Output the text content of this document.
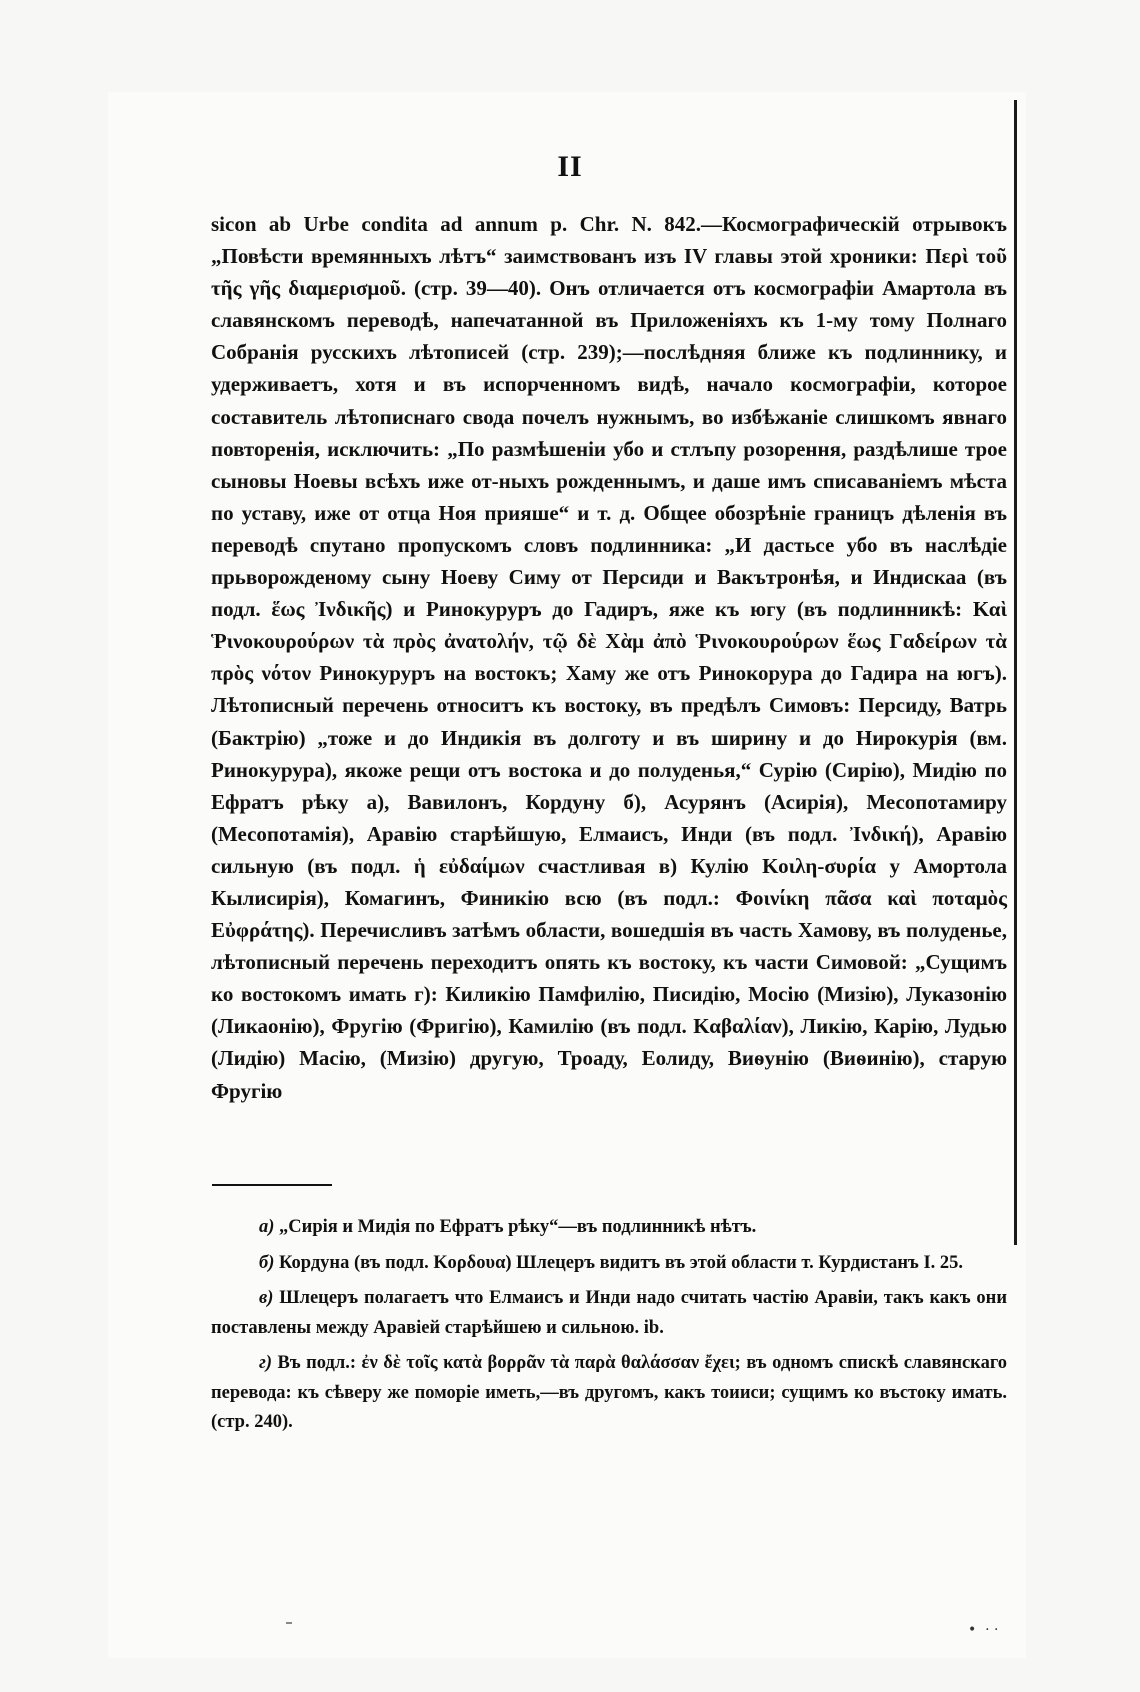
II
sicon ab Urbe condita ad annum p. Chr. N. 842.—Космографическій отрывокъ „Повѣсти времянныхъ лѣтъ“ заимствованъ изъ IV главы этой хроники: Περὶ τοῦ τῆς γῆς διαμερισμοῦ. (стр. 39—40). Онъ отличается отъ космографіи Амартола въ славянскомъ переводѣ, напечатанной въ Приложеніяхъ къ 1-му тому Полнаго Собранія русскихъ лѣтописей (стр. 239);—послѣдняя ближе къ подлиннику, и удерживаетъ, хотя и въ испорченномъ видѣ, начало космографіи, которое составитель лѣтописнаго свода почелъ нужнымъ, во избѣжаніе слишкомъ явнаго повторенія, исключить: „По размѣшеніи убо и стлъпу розорення, раздѣлише трое сыновы Ноевы всѣхъ иже от-ныхъ рожденнымъ, и даше имъ списаваніемъ мѣста по уставу, иже от отца Ноя прияше“ и т. д. Общее обозрѣніе границъ дѣленія въ переводѣ спутано пропускомъ словъ подлинника: „И дастьсе убо въ наслѣдіе прьворожденому сыну Ноеву Симу от Персиди и Вакътронѣя, и Индискаа (въ подл. ἕως Ἰνδικῆς) и Ринокуруръ до Гадиръ, яже къ югу (въ подлинникѣ: Καὶ Ῥινοκουρούρων τὰ πρὸς ἀνατολήν, τῷ δὲ Χὰμ ἀπὸ Ῥινοκουρούρων ἕως Γαδείρων τὰ πρὸς νότον Ринокуруръ на востокъ; Хаму же отъ Ринокорура до Гадира на югъ). Лѣтописный перечень относитъ къ востоку, въ предѣлъ Симовъ: Персиду, Ватрь (Бактрію) „тоже и до Индикія въ долготу и въ ширину и до Нирокурія (вм. Ринокурура), якоже рещи отъ востока и до полуденья,“ Сурію (Сирію), Мидію по Ефратъ рѣку а), Вавилонъ, Кордуну б), Асурянъ (Асирія), Месопотамиру (Месопотамія), Аравію старѣйшую, Елмаисъ, Инди (въ подл. Ἰνδική), Аравію сильную (въ подл. ἡ εὐδαίμων счастливая в) Кулію Κοιλη-συρία у Амортола Кылисирія), Комагинъ, Финикію всю (въ подл.: Φοινίκη πᾶσα καὶ ποταμὸς Εὐφράτης). Перечисливъ затѣмъ области, вошедшія въ часть Хамову, въ полуденье, лѣтописный перечень переходитъ опять къ востоку, къ части Симовой: „Сущимъ ко востокомъ имать г): Киликію Памфилію, Писидію, Мосію (Мизію), Луказонію (Ликаонію), Фругію (Фригію), Камилію (въ подл. Καβαλίαν), Ликію, Карію, Лудью (Лидію) Масію, (Мизію) другую, Троаду, Еолиду, Виѳунію (Виѳинію), старую Фругію

а) „Сирія и Мидія по Ефратъ рѣку“—въ подлинникѣ нѣтъ.

б) Кордуна (въ подл. Κορδουα) Шлецеръ видитъ въ этой области т. Курдистанъ I. 25.

в) Шлецеръ полагаетъ что Елмаисъ и Инди надо считать частію Аравіи, такъ какъ они поставлены между Аравіей старѣйшею и сильною. ib.

г) Въ подл.: ἐν δὲ τοῖς κατὰ βορρᾶν τὰ παρὰ θαλάσσαν ἔχει; въ одномъ спискѣ славянскаго перевода: къ сѣверу же поморіе иметь,—въ другомъ, какъ тоииси; сущимъ ко въстоку имать. (стр. 240).

•  · ·
